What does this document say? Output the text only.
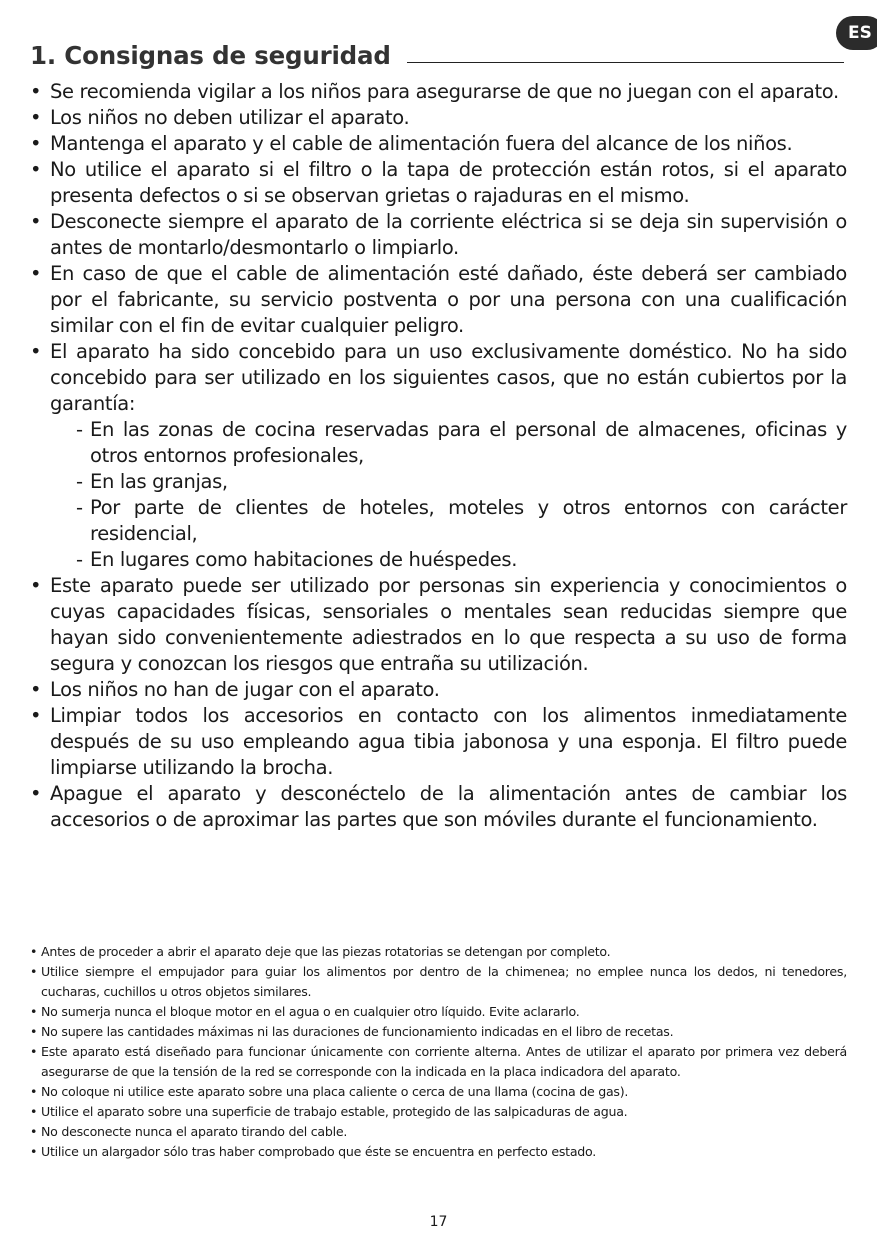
ES
1. Consignas de seguridad
• Se recomienda vigilar a los niños para asegurarse de que no juegan con el aparato.
• Los niños no deben utilizar el aparato.
• Mantenga el aparato y el cable de alimentación fuera del alcance de los niños.
• No utilice el aparato si el filtro o la tapa de protección están rotos, si el aparato presenta defectos o si se observan grietas o rajaduras en el mismo.
• Desconecte siempre el aparato de la corriente eléctrica si se deja sin supervisión o antes de montarlo/desmontarlo o limpiarlo.
• En caso de que el cable de alimentación esté dañado, éste deberá ser cambiado por el fabricante, su servicio postventa o por una persona con una cualificación similar con el fin de evitar cualquier peligro.
• El aparato ha sido concebido para un uso exclusivamente doméstico. No ha sido concebido para ser utilizado en los siguientes casos, que no están cubiertos por la garantía:
- En las zonas de cocina reservadas para el personal de almacenes, oficinas y otros entornos profesionales,
- En las granjas,
- Por parte de clientes de hoteles, moteles y otros entornos con carácter residencial,
- En lugares como habitaciones de huéspedes.
• Este aparato puede ser utilizado por personas sin experiencia y conocimientos o cuyas capacidades físicas, sensoriales o mentales sean reducidas siempre que hayan sido convenientemente adiestrados en lo que respecta a su uso de forma segura y conozcan los riesgos que entraña su utilización.
• Los niños no han de jugar con el aparato.
• Limpiar todos los accesorios en contacto con los alimentos inmediatamente después de su uso empleando agua tibia jabonosa y una esponja. El filtro puede limpiarse utilizando la brocha.
• Apague el aparato y desconéctelo de la alimentación antes de cambiar los accesorios o de aproximar las partes que son móviles durante el funcionamiento.
• Antes de proceder a abrir el aparato deje que las piezas rotatorias se detengan por completo.
• Utilice siempre el empujador para guiar los alimentos por dentro de la chimenea; no emplee nunca los dedos, ni tenedores, cucharas, cuchillos u otros objetos similares.
• No sumerja nunca el bloque motor en el agua o en cualquier otro líquido. Evite aclararlo.
• No supere las cantidades máximas ni las duraciones de funcionamiento indicadas en el libro de recetas.
• Este aparato está diseñado para funcionar únicamente con corriente alterna. Antes de utilizar el aparato por primera vez deberá asegurarse de que la tensión de la red se corresponde con la indicada en la placa indicadora del aparato.
• No coloque ni utilice este aparato sobre una placa caliente o cerca de una llama (cocina de gas).
• Utilice el aparato sobre una superficie de trabajo estable, protegido de las salpicaduras de agua.
• No desconecte nunca el aparato tirando del cable.
• Utilice un alargador sólo tras haber comprobado que éste se encuentra en perfecto estado.
17
